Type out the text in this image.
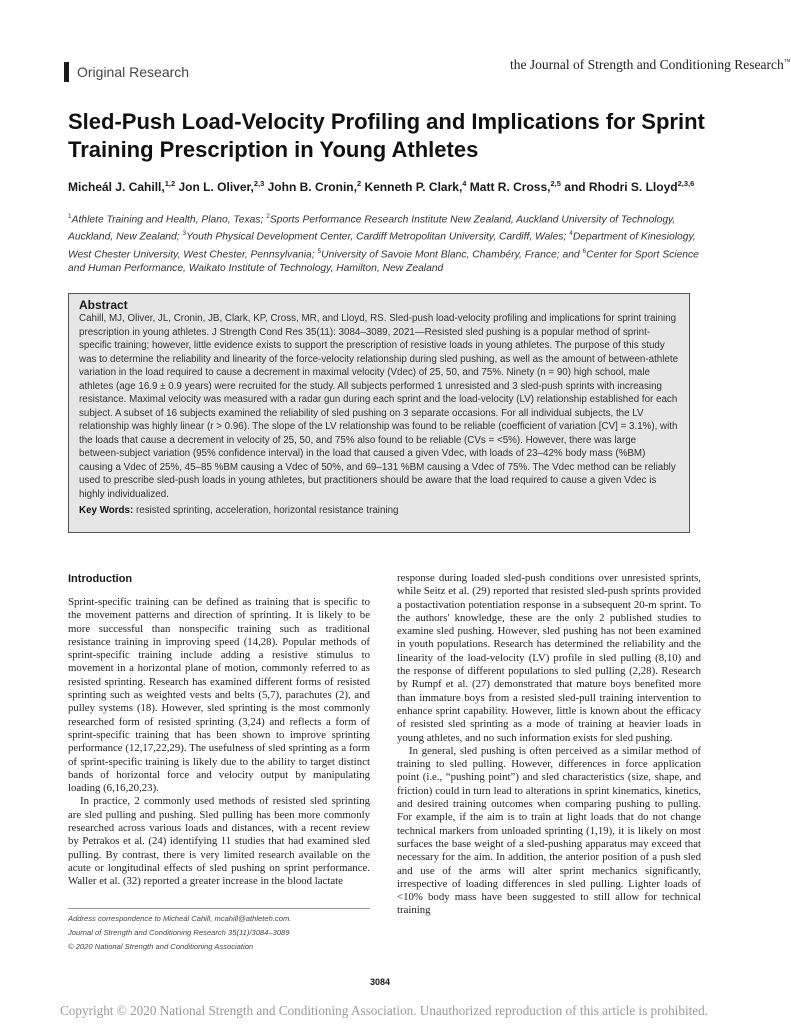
Original Research	the Journal of Strength and Conditioning Research™
Sled-Push Load-Velocity Profiling and Implications for Sprint Training Prescription in Young Athletes
Micheál J. Cahill,$^{1,2}$ Jon L. Oliver,$^{2,3}$ John B. Cronin,$^2$ Kenneth P. Clark,$^4$ Matt R. Cross,$^{2,5}$ and Rhodri S. Lloyd$^{2,3,6}$
$^1$Athlete Training and Health, Plano, Texas; $^2$Sports Performance Research Institute New Zealand, Auckland University of Technology, Auckland, New Zealand; $^3$Youth Physical Development Center, Cardiff Metropolitan University, Cardiff, Wales; $^4$Department of Kinesiology, West Chester University, West Chester, Pennsylvania; $^5$University of Savoie Mont Blanc, Chambéry, France; and $^6$Center for Sport Science and Human Performance, Waikato Institute of Technology, Hamilton, New Zealand
Abstract
Cahill, MJ, Oliver, JL, Cronin, JB, Clark, KP, Cross, MR, and Lloyd, RS. Sled-push load-velocity profiling and implications for sprint training prescription in young athletes. J Strength Cond Res 35(11): 3084–3089, 2021—Resisted sled pushing is a popular method of sprint-specific training; however, little evidence exists to support the prescription of resistive loads in young athletes. The purpose of this study was to determine the reliability and linearity of the force-velocity relationship during sled pushing, as well as the amount of between-athlete variation in the load required to cause a decrement in maximal velocity (Vdec) of 25, 50, and 75%. Ninety (n = 90) high school, male athletes (age 16.9 ± 0.9 years) were recruited for the study. All subjects performed 1 unresisted and 3 sled-push sprints with increasing resistance. Maximal velocity was measured with a radar gun during each sprint and the load-velocity (LV) relationship established for each subject. A subset of 16 subjects examined the reliability of sled pushing on 3 separate occasions. For all individual subjects, the LV relationship was highly linear (r > 0.96). The slope of the LV relationship was found to be reliable (coefficient of variation [CV] = 3.1%), with the loads that cause a decrement in velocity of 25, 50, and 75% also found to be reliable (CVs = <5%). However, there was large between-subject variation (95% confidence interval) in the load that caused a given Vdec, with loads of 23–42% body mass (%BM) causing a Vdec of 25%, 45–85 %BM causing a Vdec of 50%, and 69–131 %BM causing a Vdec of 75%. The Vdec method can be reliably used to prescribe sled-push loads in young athletes, but practitioners should be aware that the load required to cause a given Vdec is highly individualized.
Key Words: resisted sprinting, acceleration, horizontal resistance training
Introduction

Sprint-specific training can be defined as training that is specific to the movement patterns and direction of sprinting. It is likely to be more successful than nonspecific training such as traditional resistance training in improving speed (14,28). Popular methods of sprint-specific training include adding a resistive stimulus to movement in a horizontal plane of motion, commonly referred to as resisted sprinting. Research has examined different forms of resisted sprinting such as weighted vests and belts (5,7), parachutes (2), and pulley systems (18). However, sled sprinting is the most commonly researched form of resisted sprinting (3,24) and reflects a form of sprint-specific training that has been shown to improve sprinting performance (12,17,22,29). The usefulness of sled sprinting as a form of sprint-specific training is likely due to the ability to target distinct bands of horizontal force and velocity output by manipulating loading (6,16,20,23).

In practice, 2 commonly used methods of resisted sled sprinting are sled pulling and pushing. Sled pulling has been more commonly researched across various loads and distances, with a recent review by Petrakos et al. (24) identifying 11 studies that had examined sled pulling. By contrast, there is very limited research available on the acute or longitudinal effects of sled pushing on sprint performance. Waller et al. (32) reported a greater increase in the blood lactate

response during loaded sled-push conditions over unresisted sprints, while Seitz et al. (29) reported that resisted sled-push sprints provided a postactivation potentiation response in a subsequent 20-m sprint. To the authors' knowledge, these are the only 2 published studies to examine sled pushing. However, sled pushing has not been examined in youth populations. Research has determined the reliability and the linearity of the load-velocity (LV) profile in sled pulling (8,10) and the response of different populations to sled pulling (2,28). Research by Rumpf et al. (27) demonstrated that mature boys benefited more than immature boys from a resisted sled-pull training intervention to enhance sprint capability. However, little is known about the efficacy of resisted sled sprinting as a mode of training at heavier loads in young athletes, and no such information exists for sled pushing.

In general, sled pushing is often perceived as a similar method of training to sled pulling. However, differences in force application point (i.e., “pushing point”) and sled characteristics (size, shape, and friction) could in turn lead to alterations in sprint kinematics, kinetics, and desired training outcomes when comparing pushing to pulling. For example, if the aim is to train at light loads that do not change technical markers from unloaded sprinting (1,19), it is likely on most surfaces the base weight of a sled-pushing apparatus may exceed that necessary for the aim. In addition, the anterior position of a push sled and use of the arms will alter sprint mechanics significantly, irrespective of loading differences in sled pulling. Lighter loads of <10% body mass have been suggested to still allow for technical training

Address correspondence to Micheál Cahill, mcahill@athleteh.com.
Journal of Strength and Conditioning Research 35(11)/3084–3089
© 2020 National Strength and Conditioning Association
3084
Copyright © 2020 National Strength and Conditioning Association. Unauthorized reproduction of this article is prohibited.
